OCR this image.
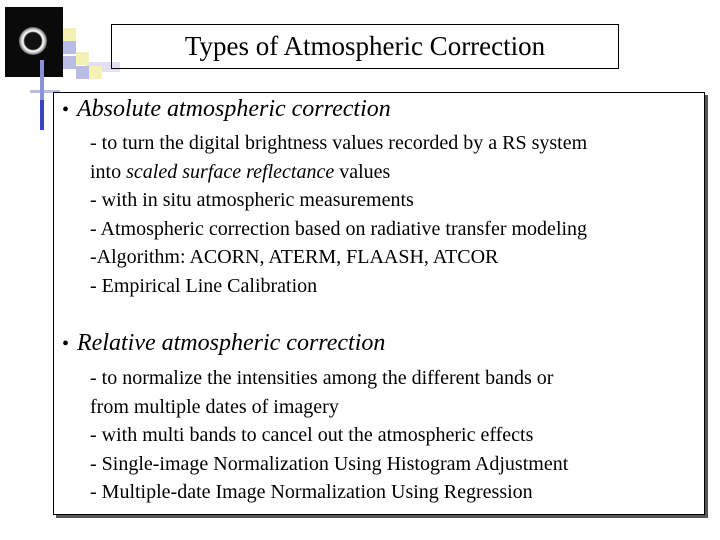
Types of Atmospheric Correction
• Absolute atmospheric correction
- to turn the digital brightness values recorded by a RS system
into scaled surface reflectance values
- with in situ atmospheric measurements
- Atmospheric correction based on radiative transfer modeling
-Algorithm: ACORN, ATERM, FLAASH, ATCOR
- Empirical Line Calibration
• Relative atmospheric correction
- to normalize the intensities among the different bands or
from multiple dates of imagery
- with multi bands to cancel out the atmospheric effects
- Single-image Normalization Using Histogram Adjustment
- Multiple-date Image Normalization Using Regression
